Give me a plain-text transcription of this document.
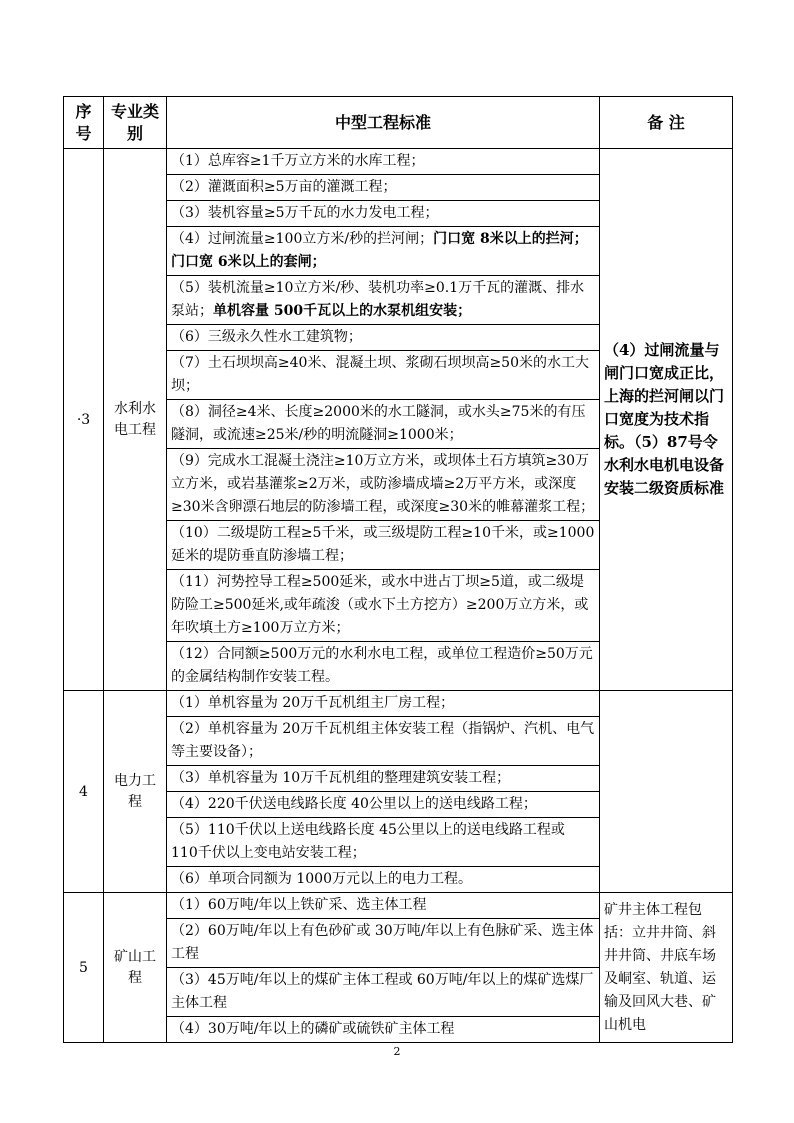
序号	专业类别	中型工程标准	备 注
·3	水利水电工程	（1）总库容≥1千万立方米的水库工程；	（4）过闸流量与闸门口宽成正比，上海的拦河闸以门口宽度为技术指标。（5）87号令水利水电机电设备安装二级资质标准
		（2）灌溉面积≥5万亩的灌溉工程；	
		（3）装机容量≥5万千瓦的水力发电工程；	
		（4）过闸流量≥100立方米/秒的拦河闸；门口宽 8米以上的拦河；门口宽 6米以上的套闸；	
		（5）装机流量≥10立方米/秒、装机功率≥0.1万千瓦的灌溉、排水泵站；单机容量 500千瓦以上的水泵机组安装；	
		（6）三级永久性水工建筑物；	
		（7）土石坝坝高≥40米、混凝土坝、浆砌石坝坝高≥50米的水工大坝；	
		（8）洞径≥4米、长度≥2000米的水工隧洞，或水头≥75米的有压隧洞，或流速≥25米/秒的明流隧洞≥1000米；	
		（9）完成水工混凝土浇注≥10万立方米，或坝体土石方填筑≥30万立方米，或岩基灌浆≥2万米，或防渗墙成墙≥2万平方米，或深度≥30米含卵漂石地层的防渗墙工程，或深度≥30米的帷幕灌浆工程；	
		（10）二级堤防工程≥5千米，或三级堤防工程≥10千米，或≥1000延米的堤防垂直防渗墙工程；	
		（11）河势控导工程≥500延米，或水中进占丁坝≥5道，或二级堤防险工≥500延米,或年疏浚（或水下土方挖方）≥200万立方米，或年吹填土方≥100万立方米；	
		（12）合同额≥500万元的水利水电工程，或单位工程造价≥50万元的金属结构制作安装工程。	
4	电力工程	（1）单机容量为 20万千瓦机组主厂房工程；	
		（2）单机容量为 20万千瓦机组主体安装工程（指锅炉、汽机、电气等主要设备）；	
		（3）单机容量为 10万千瓦机组的整理建筑安装工程；	
		（4）220千伏送电线路长度 40公里以上的送电线路工程；	
		（5）110千伏以上送电线路长度 45公里以上的送电线路工程或 110千伏以上变电站安装工程；	
		（6）单项合同额为 1000万元以上的电力工程。	
5	矿山工程	（1）60万吨/年以上铁矿采、选主体工程	矿井主体工程包括：立井井筒、斜井井筒、井底车场及峒室、轨道、运输及回风大巷、矿山机电
		（2）60万吨/年以上有色砂矿或 30万吨/年以上有色脉矿采、选主体工程	
		（3）45万吨/年以上的煤矿主体工程或 60万吨/年以上的煤矿选煤厂主体工程	
		（4）30万吨/年以上的磷矿或硫铁矿主体工程	
2
